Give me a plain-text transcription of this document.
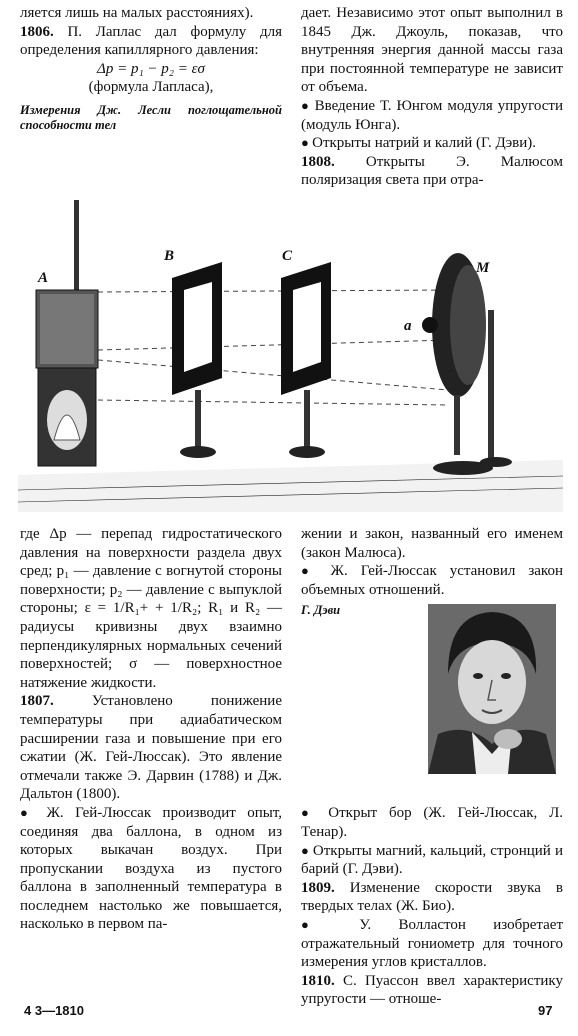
ляется лишь на малых расстояниях).

1806. П. Лаплас дал формулу для определения капиллярного давления:

Δp = p₁ − p₂ = εσ

(формула Лапласа),

Измерения Дж. Лесли поглощательной способности тел

дает. Независимо этот опыт выполнил в 1845 Дж. Джоуль, показав, что внутренняя энергия данной массы газа при постоянной температуре не зависит от объема.

● Введение Т. Юнгом модуля упругости (модуль Юнга).

● Открыты натрий и калий (Г. Дэви).

1808. Открыты Э. Малюсом поляризация света при отра-

A
B	C
M
a

где Δp — перепад гидростатического давления на поверхности раздела двух сред; p₁ — давление с вогнутой стороны поверхности; p₂ — давление с выпуклой стороны; ε = 1/R₁+ + 1/R₂; R₁ и R₂ — радиусы кривизны двух взаимно перпендикулярных нормальных сечений поверхностей; σ — поверхностное натяжение жидкости.

1807. Установлено понижение температуры при адиабатическом расширении газа и повышение при его сжатии (Ж. Гей-Люссак). Это явление отмечали также Э. Дарвин (1788) и Дж. Дальтон (1800).

● Ж. Гей-Люссак производит опыт, соединяя два баллона, в одном из которых выкачан воздух. При пропускании воздуха из пустого баллона в заполненный температура в последнем настолько же повышается, насколько в первом па-

жении и закон, названный его именем (закон Малюса).

● Ж. Гей-Люссак установил закон объемных отношений.

Г. Дэви

● Открыт бор (Ж. Гей-Люссак, Л. Тенар).

● Открыты магний, кальций, стронций и барий (Г. Дэви).

1809. Изменение скорости звука в твердых телах (Ж. Био).

● У. Волластон изобретает отражательный гониометр для точного измерения углов кристаллов.

1810. С. Пуассон ввел характеристику упругости — отноше-

4 3—1810	97
